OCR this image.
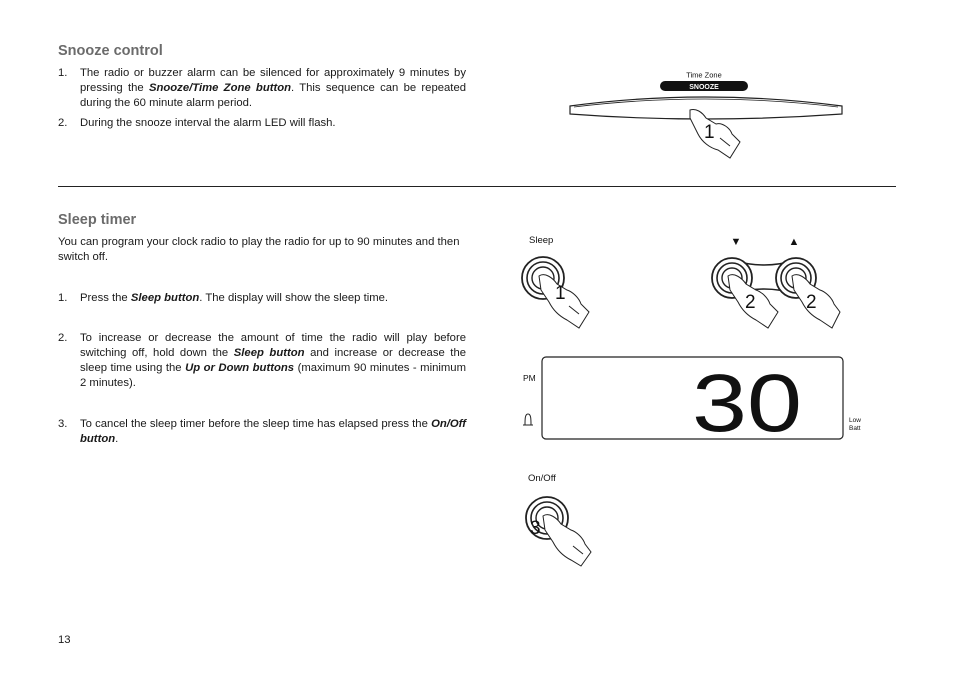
Snooze control
1. The radio or buzzer alarm can be silenced for approximately 9 minutes by pressing the Snooze/Time Zone button. This sequence can be repeated during the 60 minute alarm period.
2. During the snooze interval the alarm LED will flash.
Time Zone
SNOOZE
1
Sleep timer

You can program your clock radio to play the radio for up to 90 minutes and then switch off.

1. Press the Sleep button. The display will show the sleep time.
2. To increase or decrease the amount of time the radio will play before switching off, hold down the Sleep button and increase or decrease the sleep time using the Up or Down buttons (maximum 90 minutes - minimum 2 minutes).
3. To cancel the sleep timer before the sleep time has elapsed press the On/Off button.
Sleep
1
▼	▲
2	2
PM 30	Low
Batt
On/Off
3
13
